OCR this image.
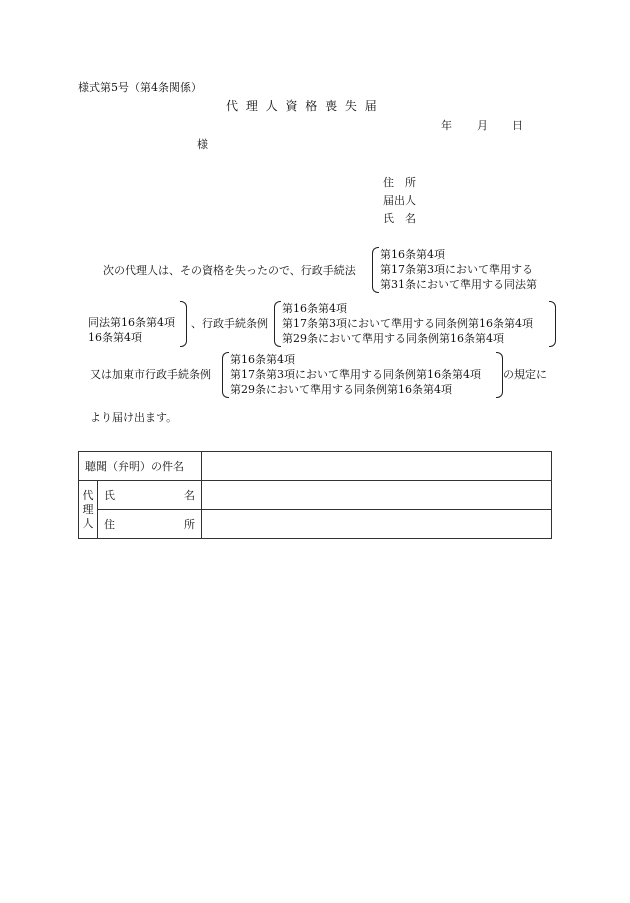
様式第5号（第4条関係）
代 理 人 資 格 喪 失 届
年 月 日
様
住　所
届出人
氏　名
次の代理人は、その資格を失ったので、行政手続法
第16条第4項
第17条第3項において準用する
第31条において準用する同法第
同法第16条第4項
16条第4項
、行政手続条例
第16条第4項
第17条第3項において準用する同条例第16条第4項
第29条において準用する同条例第16条第4項
又は加東市行政手続条例
第16条第4項
第17条第3項において準用する同条例第16条第4項
第29条において準用する同条例第16条第4項
の規定に
より届け出ます。
聴聞（弁明）の件名		
代
理
人	氏 名	

	住 所	
